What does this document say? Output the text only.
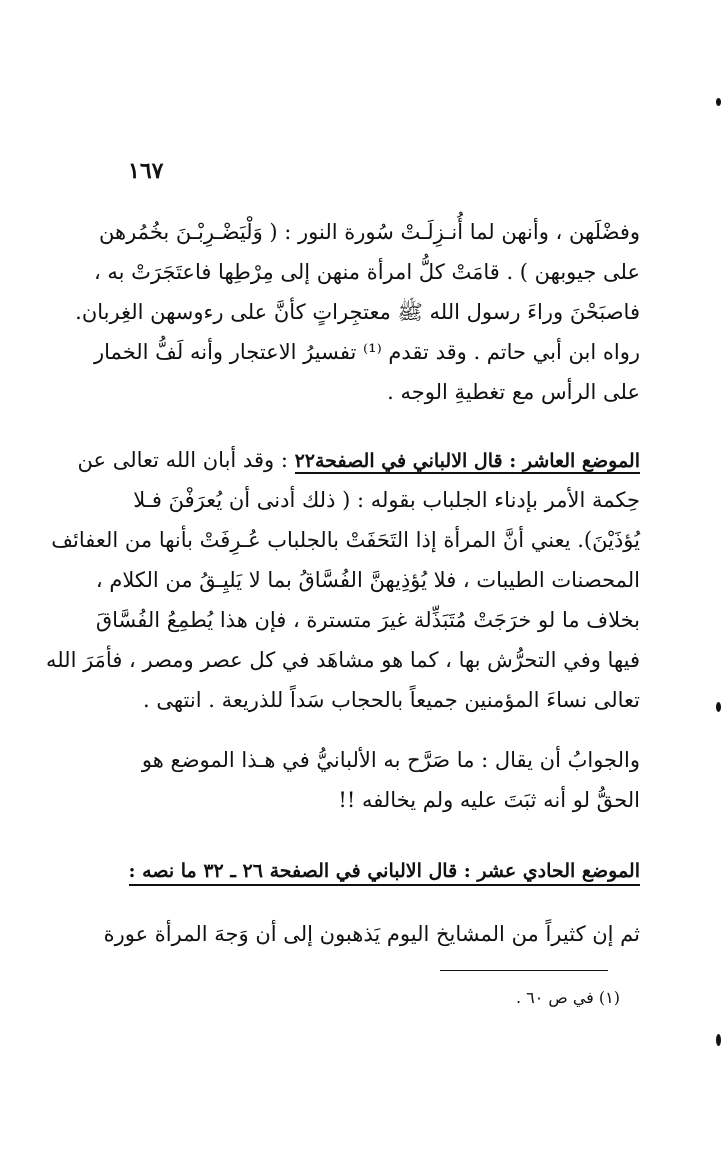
١٦٧
وفضْلَهن ، وأنهن لما أُنـزِلَـتْ سُورة النور : ( وَلْيَضْـرِبْـنَ بخُمُرهن
على جيوبهن ) . قامَتْ كلُّ امرأة منهن إلى مِرْطِها فاعتَجَرَتْ به ،
فاصبَحْنَ وراءَ رسول الله ﷺ معتجِراتٍ كأنَّ على رءوسهن الغِربان.
رواه ابن أبي حاتم . وقد تقدم ⁽¹⁾ تفسيرُ الاعتجار وأنه لَفُّ الخمار
على الرأس مع تغطيةِ الوجه .
الموضع العاشر : قال الالباني في الصفحة٢٢ : وقد أبان الله تعالى عن
حِكمة الأمر بإدناء الجلباب بقوله : ( ذلك أدنى أن يُعرَفْنَ فـلا
يُؤذَيْنَ). يعني أنَّ المرأة إذا التَحَفَتْ بالجلباب عُـرِفَتْ بأنها من العفائف
المحصنات الطيبات ، فلا يُؤذِيهنَّ الفُسَّاقُ بما لا يَليِـقُ من الكلام ،
بخلاف ما لو خرَجَتْ مُتَبَذِّلة غيرَ متسترة ، فإن هذا يُطمِعُ الفُسَّاقَ
فيها وفي التحرُّش بها ، كما هو مشاهَد في كل عصر ومصر ، فأمَرَ الله
تعالى نساءَ المؤمنين جميعاً بالحجاب سَداً للذريعة . انتهى .
والجوابُ أن يقال : ما صَرَّح به الألبانيُّ في هـذا الموضع هو
الحقُّ لو أنه ثبَتَ عليه ولم يخالفه !!
الموضع الحادي عشر : قال الالباني في الصفحة ٢٦ ـ ٣٢ ما نصه :
ثم إن كثيراً من المشايخ اليوم يَذهبون إلى أن وَجهَ المرأة عورة
(١) في ص ٦٠ .
